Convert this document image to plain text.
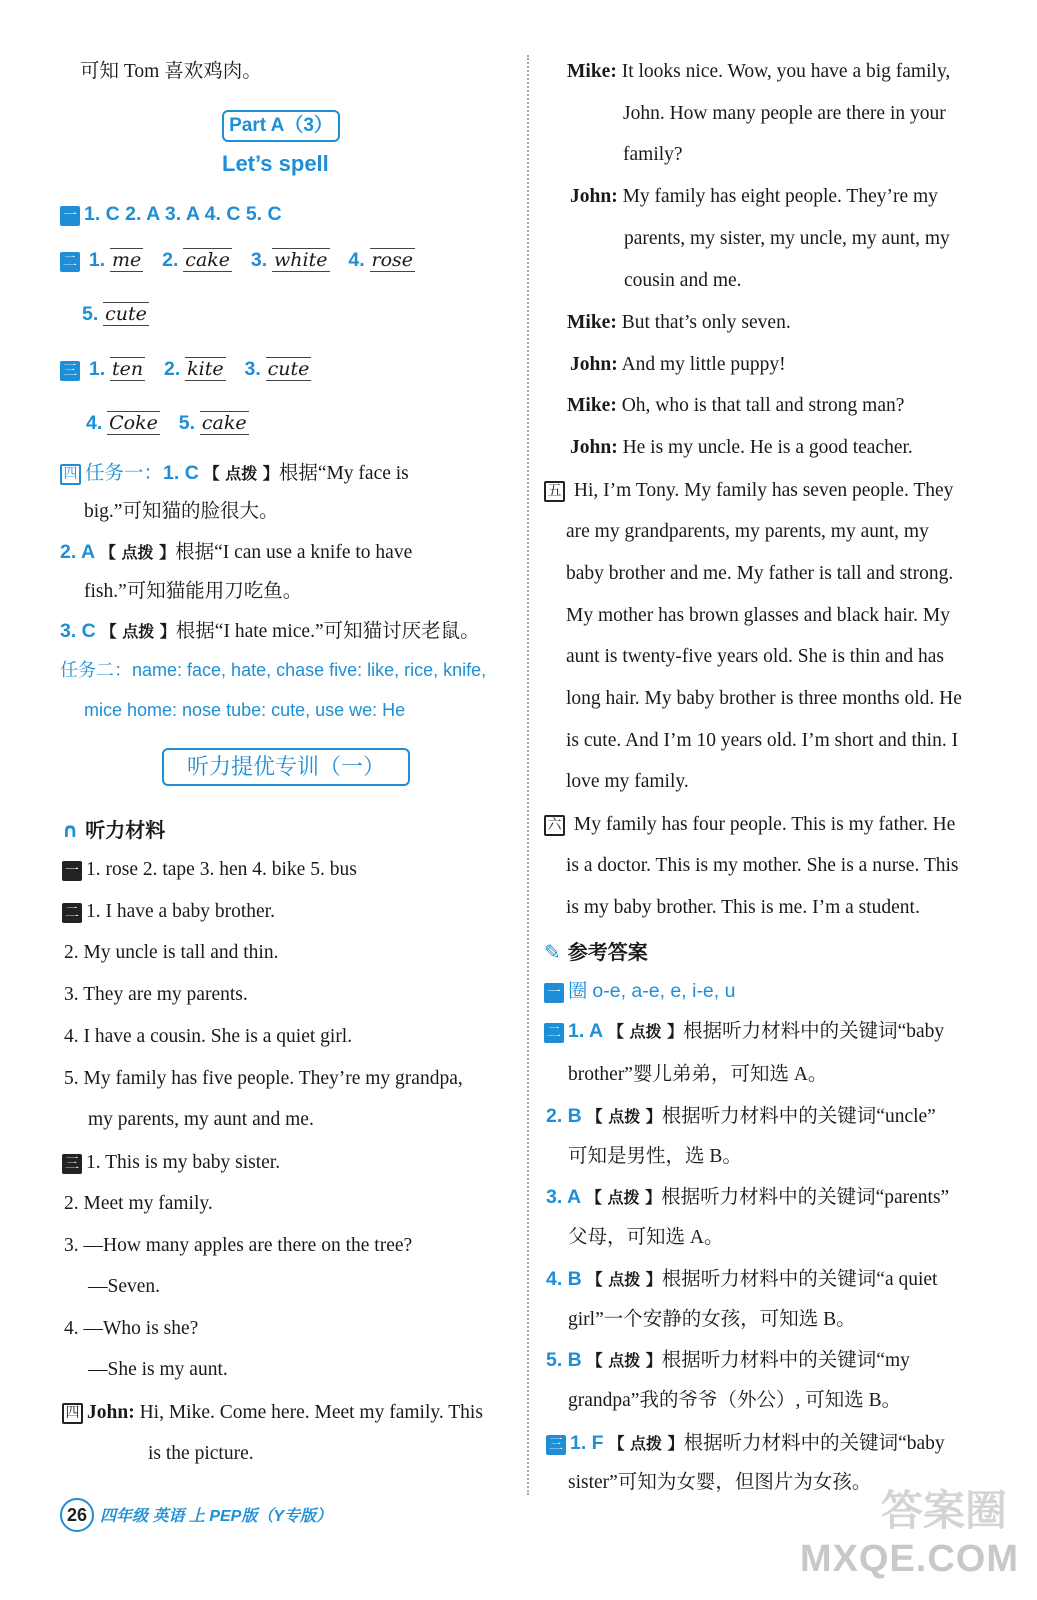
可知 Tom 喜欢鸡肉。
Part A（3）
Let’s spell
一 1. C 2. A 3. A 4. C 5. C
二 1. me 2. cake 3. white 4. rose
5. cute
三 1. ten 2. kite 3. cute
4. Coke 5. cake
四 任务一：1. C 【 点拨 】根据“My face is
big.”可知猫的脸很大。
2. A 【 点拨 】根据“I can use a knife to have
fish.”可知猫能用刀吃鱼。
3. C 【 点拨 】根据“I hate mice.”可知猫讨厌老鼠。
任务二：name: face, hate, chase five: like, rice, knife,
mice home: nose tube: cute, use we: He
听力提优专训（一）
∩ 听力材料
一 1. rose 2. tape 3. hen 4. bike 5. bus
二 1. I have a baby brother.
2. My uncle is tall and thin.
3. They are my parents.
4. I have a cousin. She is a quiet girl.
5. My family has five people. They’re my grandpa,
my parents, my aunt and me.
三 1. This is my baby sister.
2. Meet my family.
3. —How many apples are there on the tree?
—Seven.
4. —Who is she?
—She is my aunt.
四 John: Hi, Mike. Come here. Meet my family. This
is the picture.
Mike: It looks nice. Wow, you have a big family,
John. How many people are there in your
family?
John: My family has eight people. They’re my
parents, my sister, my uncle, my aunt, my
cousin and me.
Mike: But that’s only seven.
John: And my little puppy!
Mike: Oh, who is that tall and strong man?
John: He is my uncle. He is a good teacher.
五 Hi, I’m Tony. My family has seven people. They
are my grandparents, my parents, my aunt, my
baby brother and me. My father is tall and strong.
My mother has brown glasses and black hair. My
aunt is twenty-five years old. She is thin and has
long hair. My baby brother is three months old. He
is cute. And I’m 10 years old. I’m short and thin. I
love my family.
六 My family has four people. This is my father. He
is a doctor. This is my mother. She is a nurse. This
is my baby brother. This is me. I’m a student.
✎ 参考答案
一 圈 o-e, a-e, e, i-e, u
二 1. A 【 点拨 】根据听力材料中的关键词“baby
brother”婴儿弟弟，可知选 A。
2. B 【 点拨 】根据听力材料中的关键词“uncle”
可知是男性，选 B。
3. A 【 点拨 】根据听力材料中的关键词“parents”
父母，可知选 A。
4. B 【 点拨 】根据听力材料中的关键词“a quiet
girl”一个安静的女孩，可知选 B。
5. B 【 点拨 】根据听力材料中的关键词“my
grandpa”我的爷爷（外公）, 可知选 B。
三 1. F 【 点拨 】根据听力材料中的关键词“baby
sister”可知为女婴，但图片为女孩。
26 四年级 英语 上 PEP版（Y专版）	答案圈
MXQE.COM
